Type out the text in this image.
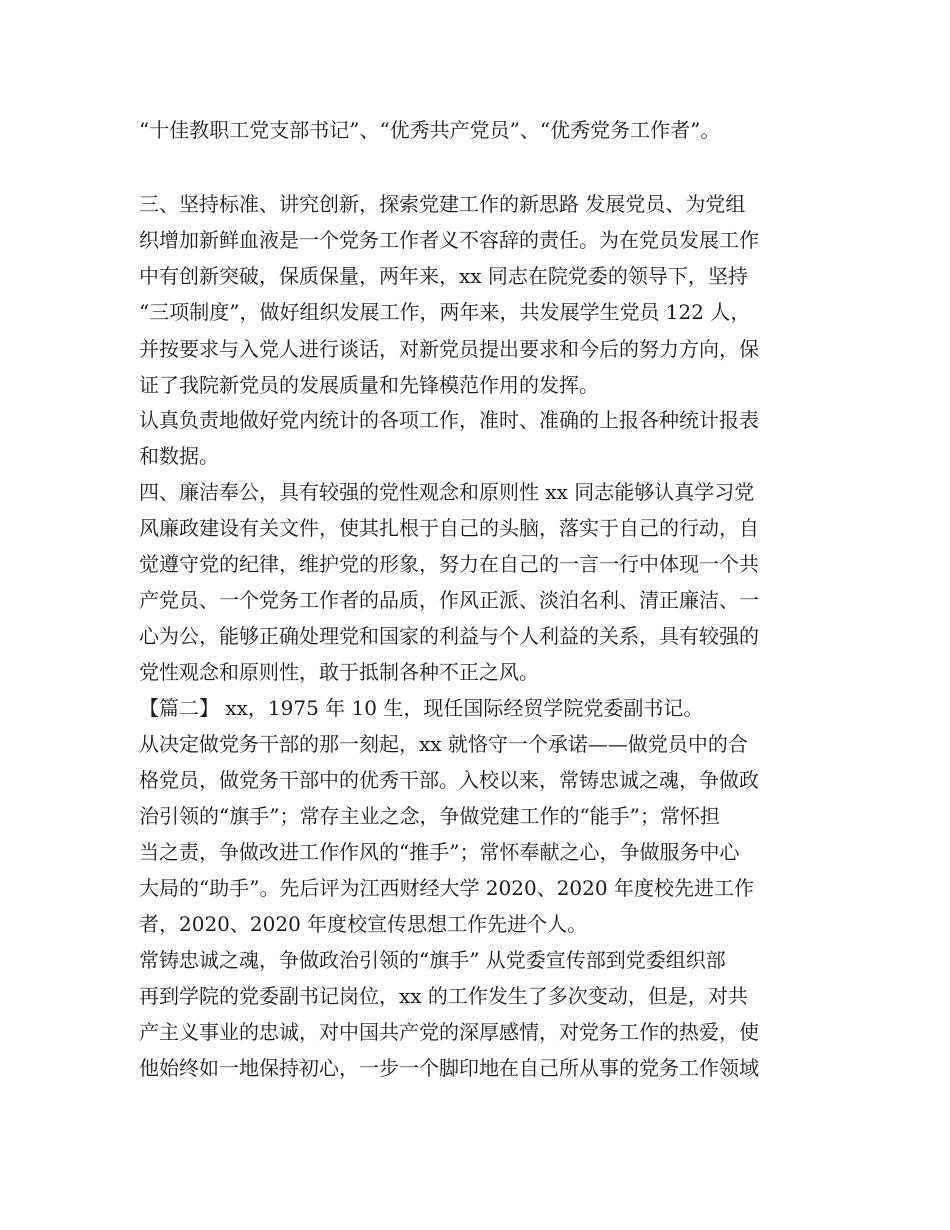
“十佳教职工党支部书记”、“优秀共产党员”、“优秀党务工作者”。
三、坚持标准、讲究创新，探索党建工作的新思路 发展党员、为党组
织增加新鲜血液是一个党务工作者义不容辞的责任。为在党员发展工作
中有创新突破，保质保量，两年来，xx 同志在院党委的领导下，坚持
“三项制度”，做好组织发展工作，两年来，共发展学生党员 122 人，
并按要求与入党人进行谈话，对新党员提出要求和今后的努力方向，保
证了我院新党员的发展质量和先锋模范作用的发挥。
认真负责地做好党内统计的各项工作，准时、准确的上报各种统计报表
和数据。
四、廉洁奉公，具有较强的党性观念和原则性 xx 同志能够认真学习党
风廉政建设有关文件，使其扎根于自己的头脑，落实于自己的行动，自
觉遵守党的纪律，维护党的形象，努力在自己的一言一行中体现一个共
产党员、一个党务工作者的品质，作风正派、淡泊名利、清正廉洁、一
心为公，能够正确处理党和国家的利益与个人利益的关系，具有较强的
党性观念和原则性，敢于抵制各种不正之风。
【篇二】 xx，1975 年 10 生，现任国际经贸学院党委副书记。
从决定做党务干部的那一刻起，xx 就恪守一个承诺——做党员中的合
格党员，做党务干部中的优秀干部。入校以来，常铸忠诚之魂，争做政
治引领的“旗手”；常存主业之念，争做党建工作的“能手”；常怀担
当之责，争做改进工作作风的“推手”；常怀奉献之心，争做服务中心
大局的“助手”。先后评为江西财经大学 2020、2020 年度校先进工作
者，2020、2020 年度校宣传思想工作先进个人。
常铸忠诚之魂，争做政治引领的“旗手” 从党委宣传部到党委组织部
再到学院的党委副书记岗位，xx 的工作发生了多次变动，但是，对共
产主义事业的忠诚，对中国共产党的深厚感情，对党务工作的热爱，使
他始终如一地保持初心，一步一个脚印地在自己所从事的党务工作领域
